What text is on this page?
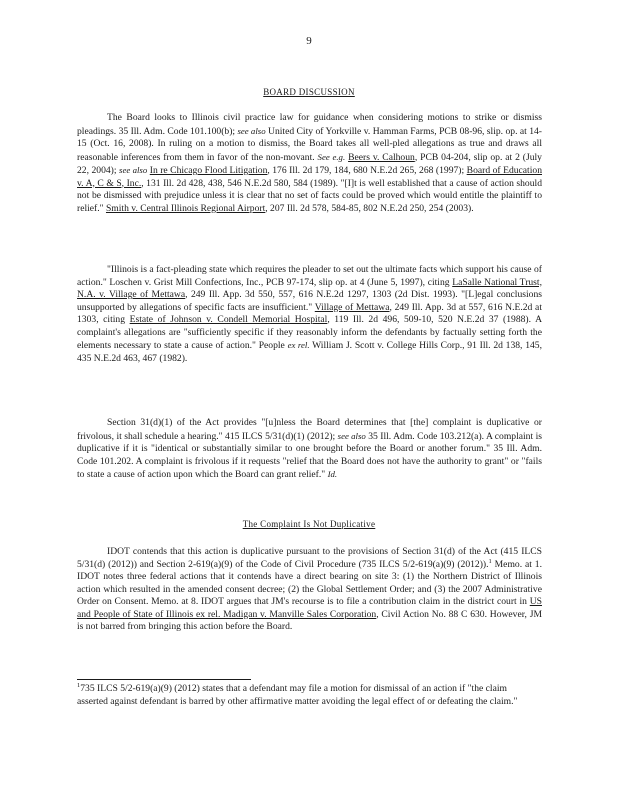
9
BOARD DISCUSSION

The Board looks to Illinois civil practice law for guidance when considering motions to strike or dismiss pleadings. 35 Ill. Adm. Code 101.100(b); see also United City of Yorkville v. Hamman Farms, PCB 08-96, slip. op. at 14-15 (Oct. 16, 2008). In ruling on a motion to dismiss, the Board takes all well-pled allegations as true and draws all reasonable inferences from them in favor of the non-movant. See e.g. Beers v. Calhoun, PCB 04-204, slip op. at 2 (July 22, 2004); see also In re Chicago Flood Litigation, 176 Ill. 2d 179, 184, 680 N.E.2d 265, 268 (1997); Board of Education v. A, C & S, Inc., 131 Ill. 2d 428, 438, 546 N.E.2d 580, 584 (1989). "[I]t is well established that a cause of action should not be dismissed with prejudice unless it is clear that no set of facts could be proved which would entitle the plaintiff to relief." Smith v. Central Illinois Regional Airport, 207 Ill. 2d 578, 584-85, 802 N.E.2d 250, 254 (2003).

"Illinois is a fact-pleading state which requires the pleader to set out the ultimate facts which support his cause of action." Loschen v. Grist Mill Confections, Inc., PCB 97-174, slip op. at 4 (June 5, 1997), citing LaSalle National Trust, N.A. v. Village of Mettawa, 249 Ill. App. 3d 550, 557, 616 N.E.2d 1297, 1303 (2d Dist. 1993). "[L]egal conclusions unsupported by allegations of specific facts are insufficient." Village of Mettawa, 249 Ill. App. 3d at 557, 616 N.E.2d at 1303, citing Estate of Johnson v. Condell Memorial Hospital, 119 Ill. 2d 496, 509-10, 520 N.E.2d 37 (1988). A complaint's allegations are "sufficiently specific if they reasonably inform the defendants by factually setting forth the elements necessary to state a cause of action." People ex rel. William J. Scott v. College Hills Corp., 91 Ill. 2d 138, 145, 435 N.E.2d 463, 467 (1982).

Section 31(d)(1) of the Act provides "[u]nless the Board determines that [the] complaint is duplicative or frivolous, it shall schedule a hearing." 415 ILCS 5/31(d)(1) (2012); see also 35 Ill. Adm. Code 103.212(a). A complaint is duplicative if it is "identical or substantially similar to one brought before the Board or another forum." 35 Ill. Adm. Code 101.202. A complaint is frivolous if it requests "relief that the Board does not have the authority to grant" or "fails to state a cause of action upon which the Board can grant relief." Id.

The Complaint Is Not Duplicative

IDOT contends that this action is duplicative pursuant to the provisions of Section 31(d) of the Act (415 ILCS 5/31(d) (2012)) and Section 2-619(a)(9) of the Code of Civil Procedure (735 ILCS 5/2-619(a)(9) (2012)).$^1$ Memo. at 1. IDOT notes three federal actions that it contends have a direct bearing on site 3: (1) the Northern District of Illinois action which resulted in the amended consent decree; (2) the Global Settlement Order; and (3) the 2007 Administrative Order on Consent. Memo. at 8. IDOT argues that JM's recourse is to file a contribution claim in the district court in US and People of State of Illinois ex rel. Madigan v. Manville Sales Corporation, Civil Action No. 88 C 630. However, JM is not barred from bringing this action before the Board.

$^1$735 ILCS 5/2-619(a)(9) (2012) states that a defendant may file a motion for dismissal of an action if "the claim asserted against defendant is barred by other affirmative matter avoiding the legal effect of or defeating the claim."
